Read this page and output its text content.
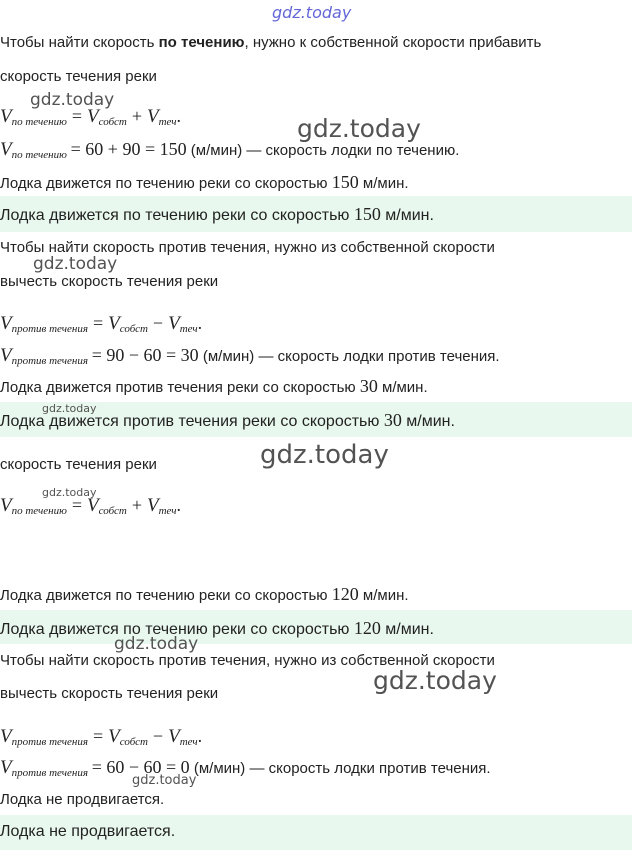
Чтобы найти скорость по течению, нужно к собственной скорости прибавить
скорость течения реки
$V_{по течению} = V_{собст} + V_{теч}$.
$V_{по течению} = 60 + 90 = 150$ (м/мин) — скорость лодки по течению.
Лодка движется по течению реки со скоростью 150 м/мин.
Лодка движется по течению реки со скоростью 150 м/мин.
Чтобы найти скорость против течения, нужно из собственной скорости
вычесть скорость течения реки
$V_{против течения} = V_{собст} - V_{теч}$.
$V_{против течения} = 90 - 60 = 30$ (м/мин) — скорость лодки против течения.
Лодка движется против течения реки со скоростью 30 м/мин.
Лодка движется против течения реки со скоростью 30 м/мин.
скорость течения реки
$V_{по течению} = V_{собст} + V_{теч}$.
Лодка движется по течению реки со скоростью 120 м/мин.
Лодка движется по течению реки со скоростью 120 м/мин.
Чтобы найти скорость против течения, нужно из собственной скорости
вычесть скорость течения реки
$V_{против течения} = V_{собст} - V_{теч}$.
$V_{против течения} = 60 - 60 = 0$ (м/мин) — скорость лодки против течения.
Лодка не продвигается.
Лодка не продвигается.
gdz.today
gdz.today
gdz.today
gdz.today
gdz.today
gdz.today
gdz.today
gdz.today
gdz.today
gdz.today
